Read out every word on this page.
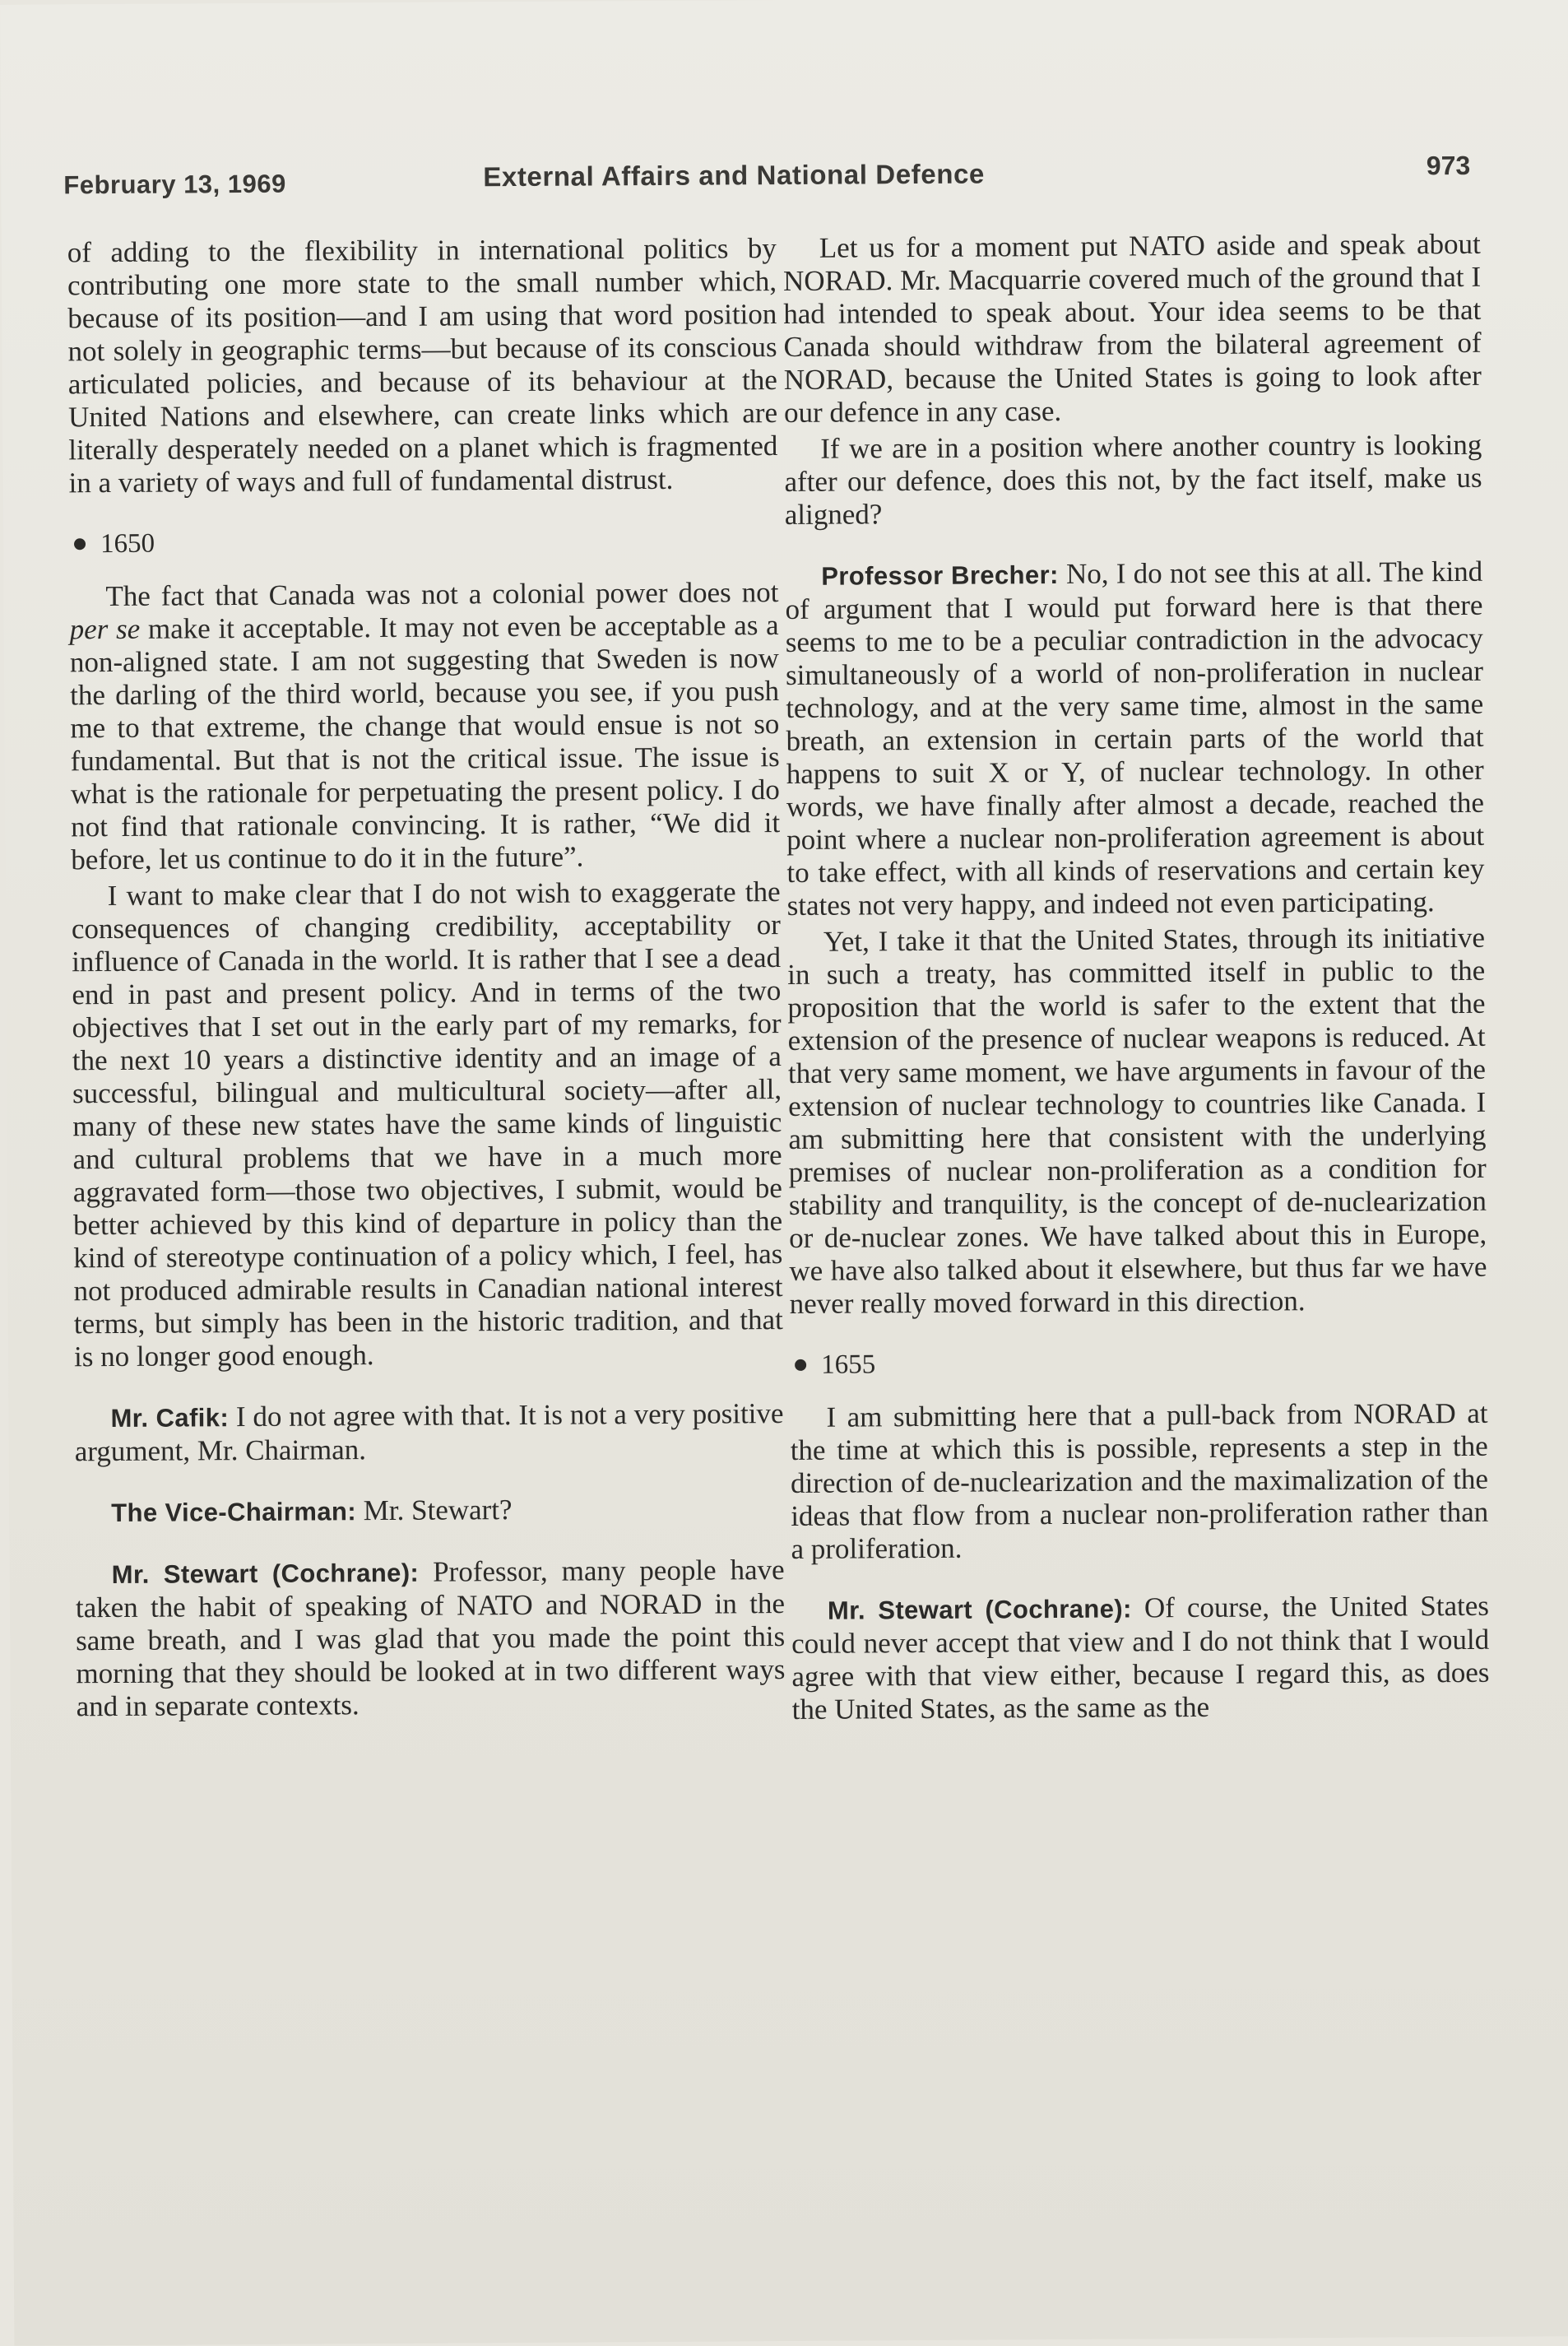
February 13, 1969	External Affairs and National Defence	973

of adding to the flexibility in international politics by contributing one more state to the small number which, because of its position—and I am using that word position not solely in geographic terms—but because of its conscious articulated policies, and because of its behaviour at the United Nations and elsewhere, can create links which are literally desperately needed on a planet which is fragmented in a variety of ways and full of fundamental distrust.

1650

The fact that Canada was not a colonial power does not per se make it acceptable. It may not even be acceptable as a non-aligned state. I am not suggesting that Sweden is now the darling of the third world, because you see, if you push me to that extreme, the change that would ensue is not so fundamental. But that is not the critical issue. The issue is what is the rationale for perpetuating the present policy. I do not find that rationale convincing. It is rather, “We did it before, let us continue to do it in the future”.

I want to make clear that I do not wish to exaggerate the consequences of changing credibility, acceptability or influence of Canada in the world. It is rather that I see a dead end in past and present policy. And in terms of the two objectives that I set out in the early part of my remarks, for the next 10 years a distinctive identity and an image of a successful, bilingual and multicultural society—after all, many of these new states have the same kinds of linguistic and cultural problems that we have in a much more aggravated form—those two objectives, I submit, would be better achieved by this kind of departure in policy than the kind of stereotype continuation of a policy which, I feel, has not produced admirable results in Canadian national interest terms, but simply has been in the historic tradition, and that is no longer good enough.

Mr. Cafik: I do not agree with that. It is not a very positive argument, Mr. Chairman.

The Vice-Chairman: Mr. Stewart?

Mr. Stewart (Cochrane): Professor, many people have taken the habit of speaking of NATO and NORAD in the same breath, and I was glad that you made the point this morning that they should be looked at in two different ways and in separate contexts.

Let us for a moment put NATO aside and speak about NORAD. Mr. Macquarrie covered much of the ground that I had intended to speak about. Your idea seems to be that Canada should withdraw from the bilateral agreement of NORAD, because the United States is going to look after our defence in any case.

If we are in a position where another country is looking after our defence, does this not, by the fact itself, make us aligned?

Professor Brecher: No, I do not see this at all. The kind of argument that I would put forward here is that there seems to me to be a peculiar contradiction in the advocacy simultaneously of a world of non-proliferation in nuclear technology, and at the very same time, almost in the same breath, an extension in certain parts of the world that happens to suit X or Y, of nuclear technology. In other words, we have finally after almost a decade, reached the point where a nuclear non-proliferation agreement is about to take effect, with all kinds of reservations and certain key states not very happy, and indeed not even participating.

Yet, I take it that the United States, through its initiative in such a treaty, has committed itself in public to the proposition that the world is safer to the extent that the extension of the presence of nuclear weapons is reduced. At that very same moment, we have arguments in favour of the extension of nuclear technology to countries like Canada. I am submitting here that consistent with the underlying premises of nuclear non-proliferation as a condition for stability and tranquility, is the concept of de-nuclearization or de-nuclear zones. We have talked about this in Europe, we have also talked about it elsewhere, but thus far we have never really moved forward in this direction.

1655

I am submitting here that a pull-back from NORAD at the time at which this is possible, represents a step in the direction of de-nuclearization and the maximalization of the ideas that flow from a nuclear non-proliferation rather than a proliferation.

Mr. Stewart (Cochrane): Of course, the United States could never accept that view and I do not think that I would agree with that view either, because I regard this, as does the United States, as the same as the
